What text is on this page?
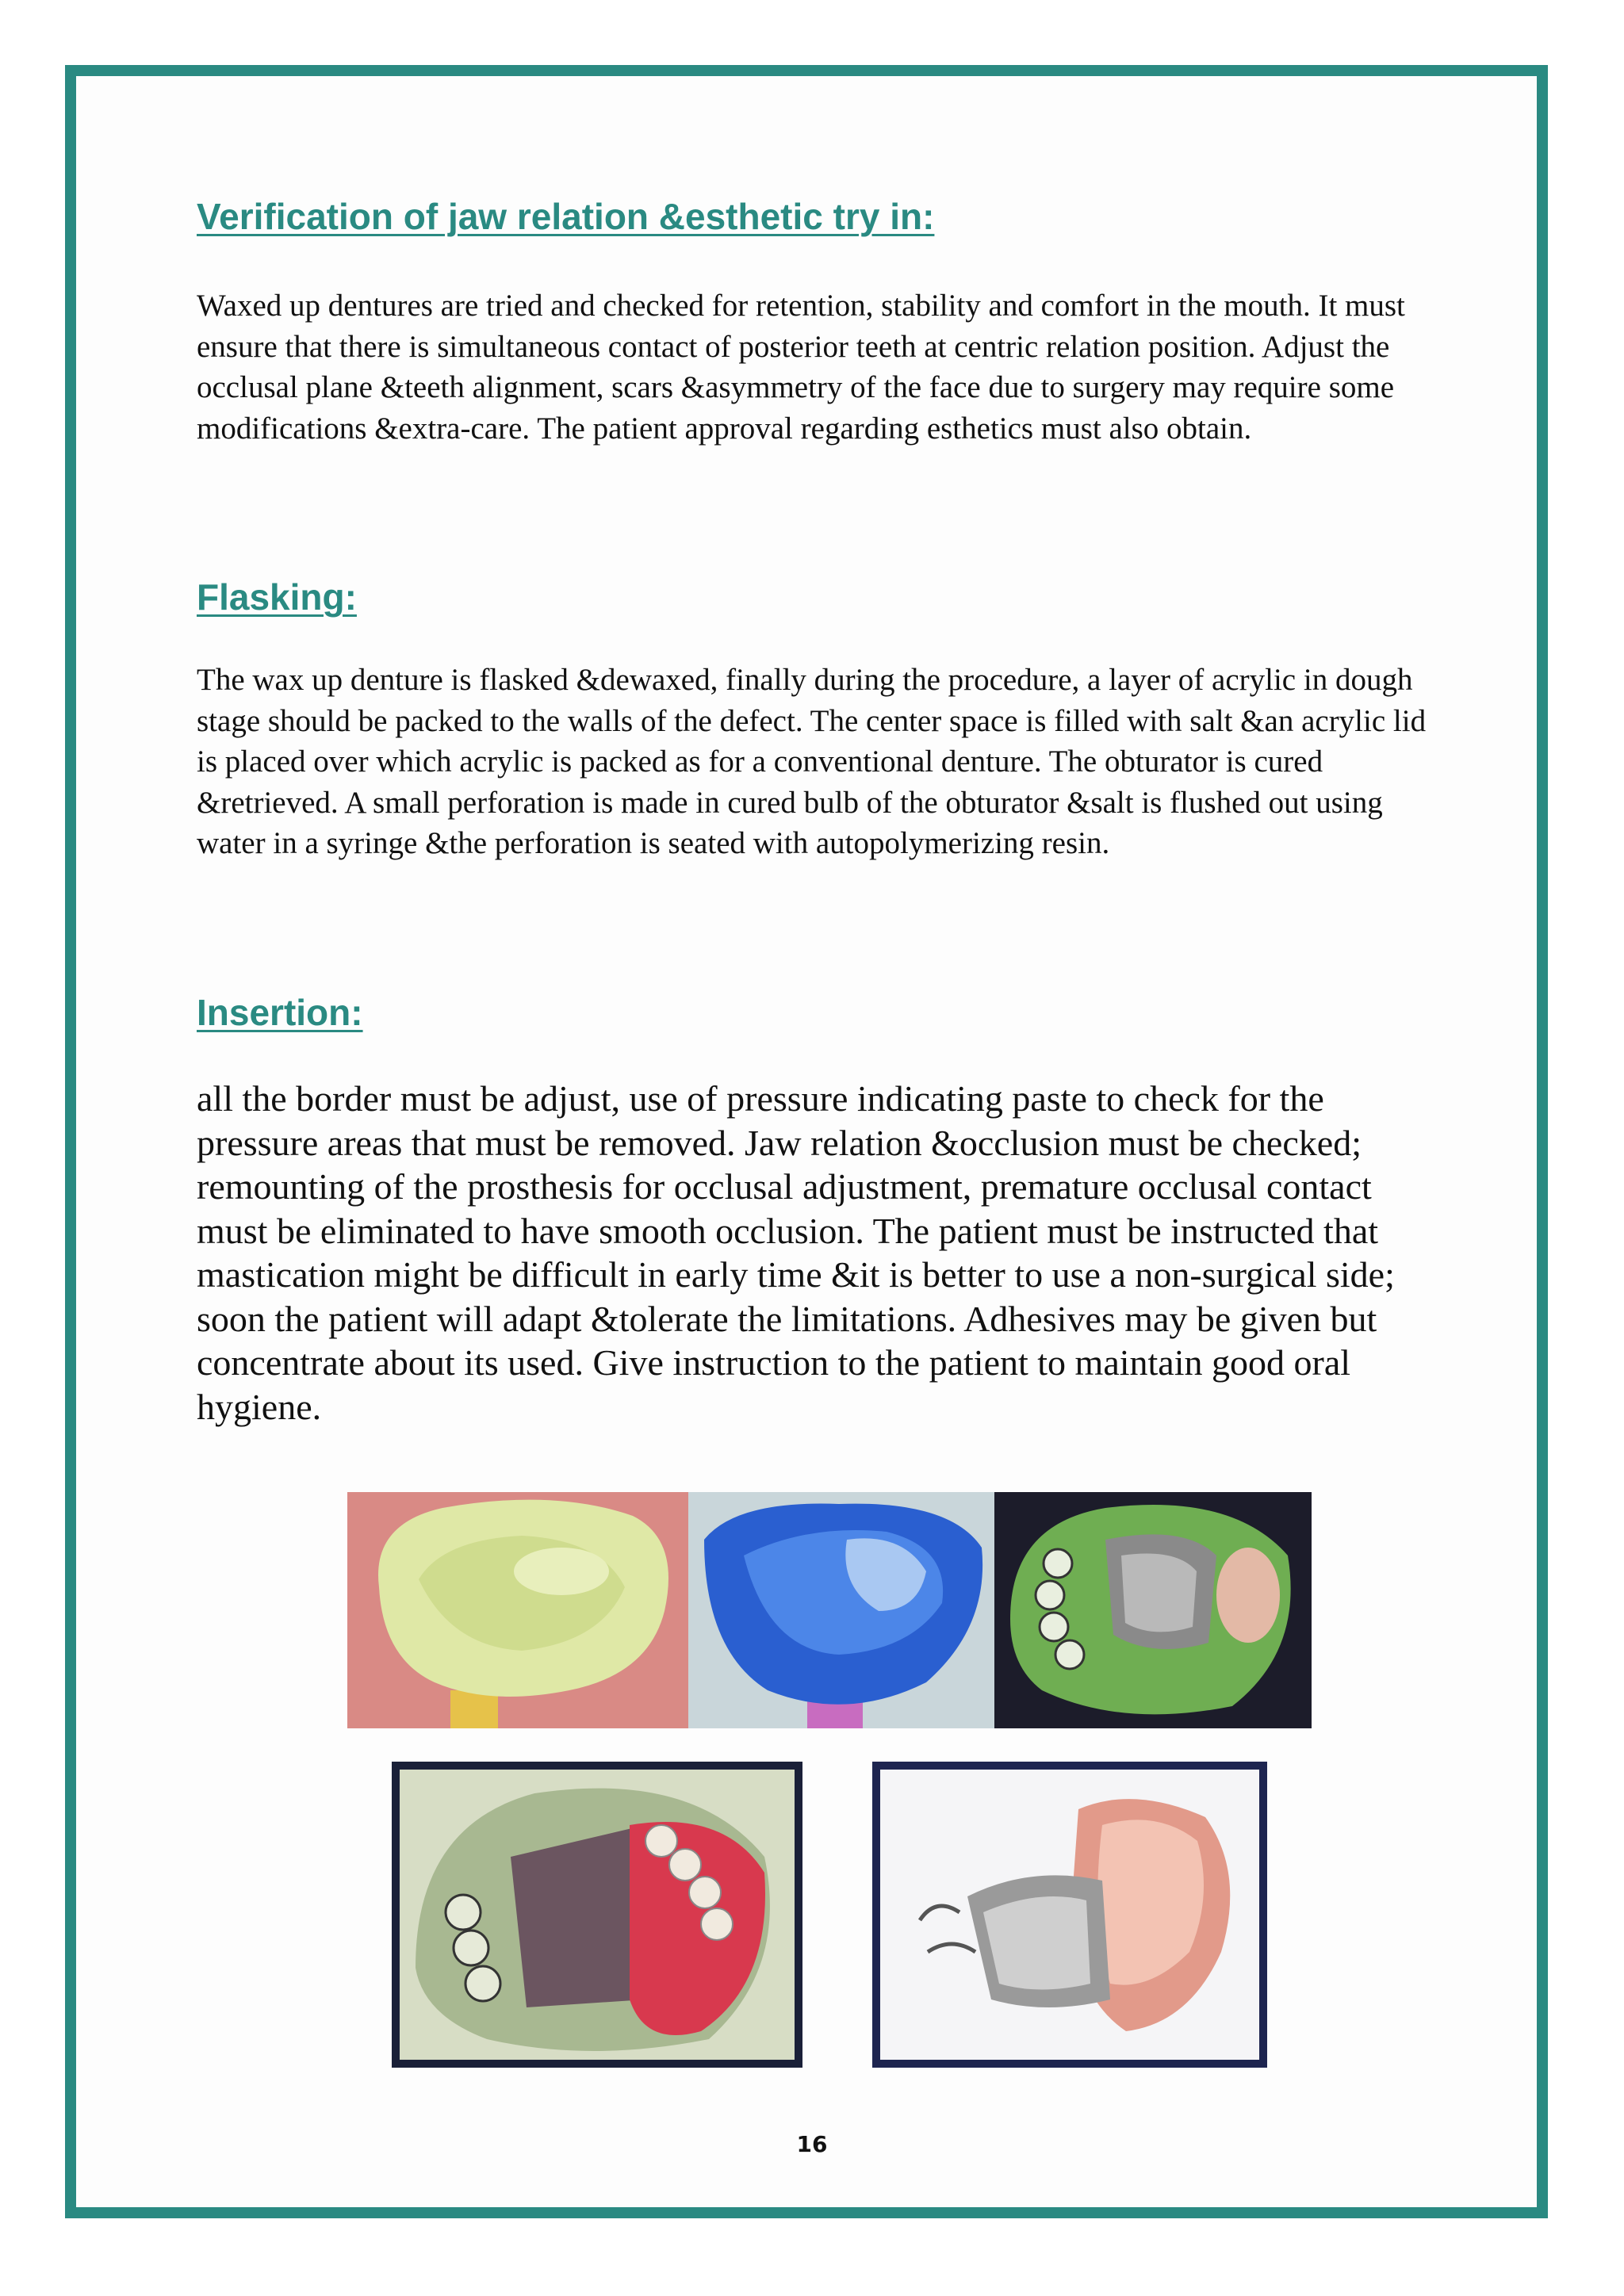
Verification of jaw relation &esthetic try in:

Waxed up dentures are tried and checked for retention, stability and comfort in the mouth. It must ensure that there is simultaneous contact of posterior teeth at centric relation position. Adjust the occlusal plane &teeth alignment, scars &asymmetry of the face due to surgery may require some modifications &extra-care. The patient approval regarding esthetics must also obtain.

Flasking:

The wax up denture is flasked &dewaxed, finally during the procedure, a layer of acrylic in dough stage should be packed to the walls of the defect. The center space is filled with salt &an acrylic lid is placed over which acrylic is packed as for a conventional denture. The obturator is cured &retrieved. A small perforation is made in cured bulb of the obturator &salt is flushed out using water in a syringe &the perforation is seated with autopolymerizing resin.

Insertion:

all the border must be adjust, use of pressure indicating paste to check for the pressure areas that must be removed. Jaw relation &occlusion must be checked; remounting of the prosthesis for occlusal adjustment, premature occlusal contact must be eliminated to have smooth occlusion. The patient must be instructed that mastication might be difficult in early time &it is better to use a non-surgical side; soon the patient will adapt &tolerate the limitations. Adhesives may be given but concentrate about its used. Give instruction to the patient to maintain good oral hygiene.

16
